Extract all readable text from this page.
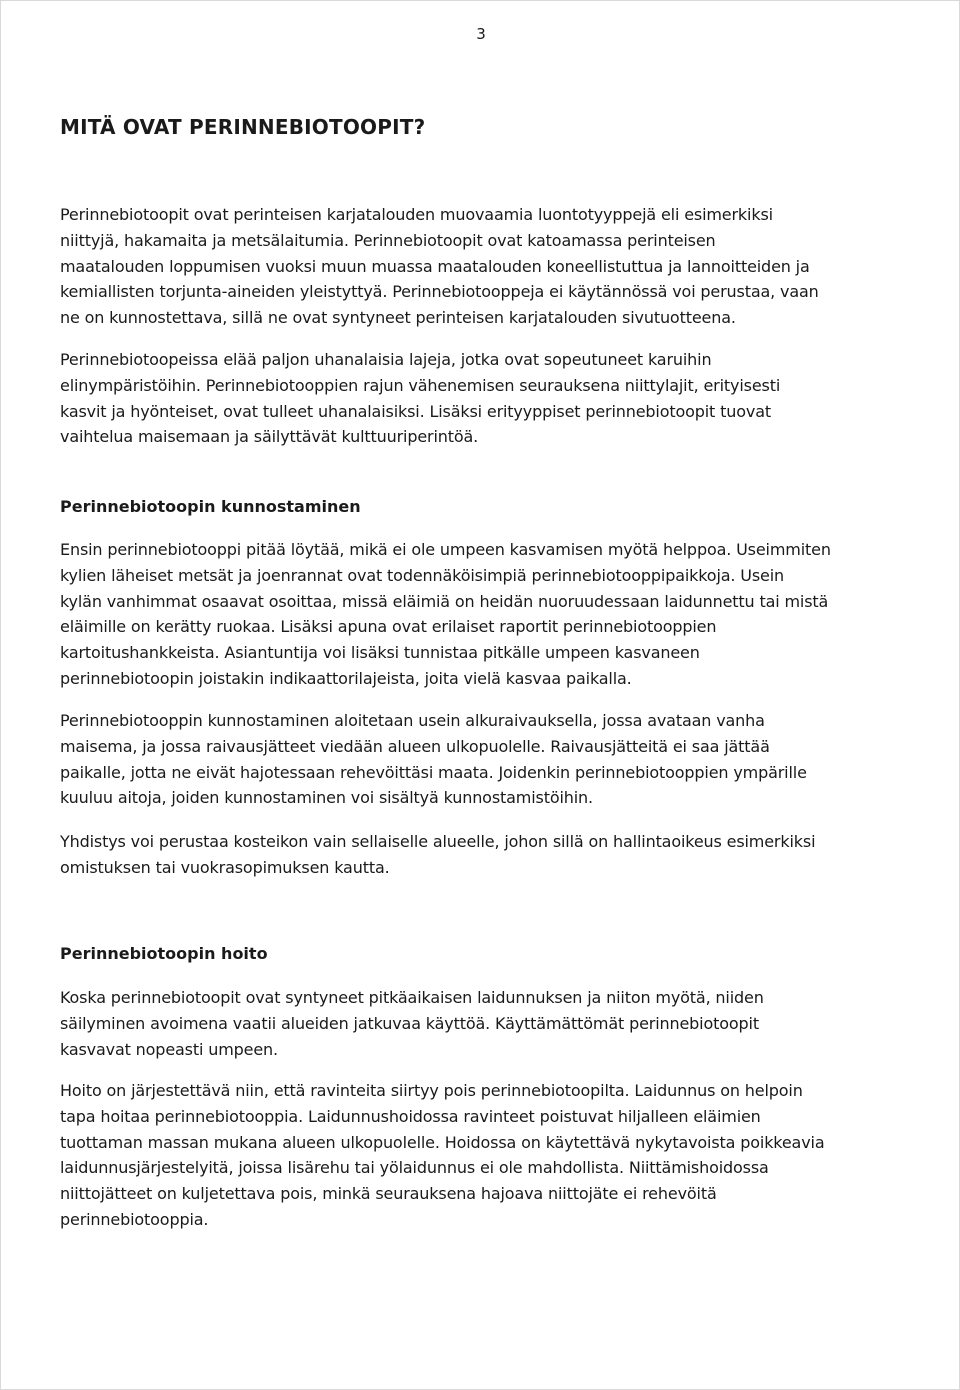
3
MITÄ OVAT PERINNEBIOTOOPIT?

Perinnebiotoopit ovat perinteisen karjatalouden muovaamia luontotyyppejä eli esimerkiksi
niittyjä, hakamaita ja metsälaitumia. Perinnebiotoopit ovat katoamassa perinteisen
maatalouden loppumisen vuoksi muun muassa maatalouden koneellistuttua ja lannoitteiden ja
kemiallisten torjunta-aineiden yleistyttyä. Perinnebiotooppeja ei käytännössä voi perustaa, vaan
ne on kunnostettava, sillä ne ovat syntyneet perinteisen karjatalouden sivutuotteena.

Perinnebiotoopeissa elää paljon uhanalaisia lajeja, jotka ovat sopeutuneet karuihin
elinympäristöihin. Perinnebiotooppien rajun vähenemisen seurauksena niittylajit, erityisesti
kasvit ja hyönteiset, ovat tulleet uhanalaisiksi. Lisäksi erityyppiset perinnebiotoopit tuovat
vaihtelua maisemaan ja säilyttävät kulttuuriperintöä.

Perinnebiotoopin kunnostaminen

Ensin perinnebiotooppi pitää löytää, mikä ei ole umpeen kasvamisen myötä helppoa. Useimmiten
kylien läheiset metsät ja joenrannat ovat todennäköisimpiä perinnebiotooppipaikkoja. Usein
kylän vanhimmat osaavat osoittaa, missä eläimiä on heidän nuoruudessaan laidunnettu tai mistä
eläimille on kerätty ruokaa. Lisäksi apuna ovat erilaiset raportit perinnebiotooppien
kartoitushankkeista. Asiantuntija voi lisäksi tunnistaa pitkälle umpeen kasvaneen
perinnebiotoopin joistakin indikaattorilajeista, joita vielä kasvaa paikalla.

Perinnebiotooppin kunnostaminen aloitetaan usein alkuraivauksella, jossa avataan vanha
maisema, ja jossa raivausjätteet viedään alueen ulkopuolelle. Raivausjätteitä ei saa jättää
paikalle, jotta ne eivät hajotessaan rehevöittäsi maata. Joidenkin perinnebiotooppien ympärille
kuuluu aitoja, joiden kunnostaminen voi sisältyä kunnostamistöihin.

Yhdistys voi perustaa kosteikon vain sellaiselle alueelle, johon sillä on hallintaoikeus esimerkiksi
omistuksen tai vuokrasopimuksen kautta.

Perinnebiotoopin hoito

Koska perinnebiotoopit ovat syntyneet pitkäaikaisen laidunnuksen ja niiton myötä, niiden
säilyminen avoimena vaatii alueiden jatkuvaa käyttöä. Käyttämättömät perinnebiotoopit
kasvavat nopeasti umpeen.

Hoito on järjestettävä niin, että ravinteita siirtyy pois perinnebiotoopilta. Laidunnus on helpoin
tapa hoitaa perinnebiotooppia. Laidunnushoidossa ravinteet poistuvat hiljalleen eläimien
tuottaman massan mukana alueen ulkopuolelle. Hoidossa on käytettävä nykytavoista poikkeavia
laidunnusjärjestelyitä, joissa lisärehu tai yölaidunnus ei ole mahdollista. Niittämishoidossa
niittojätteet on kuljetettava pois, minkä seurauksena hajoava niittojäte ei rehevöitä
perinnebiotooppia.
